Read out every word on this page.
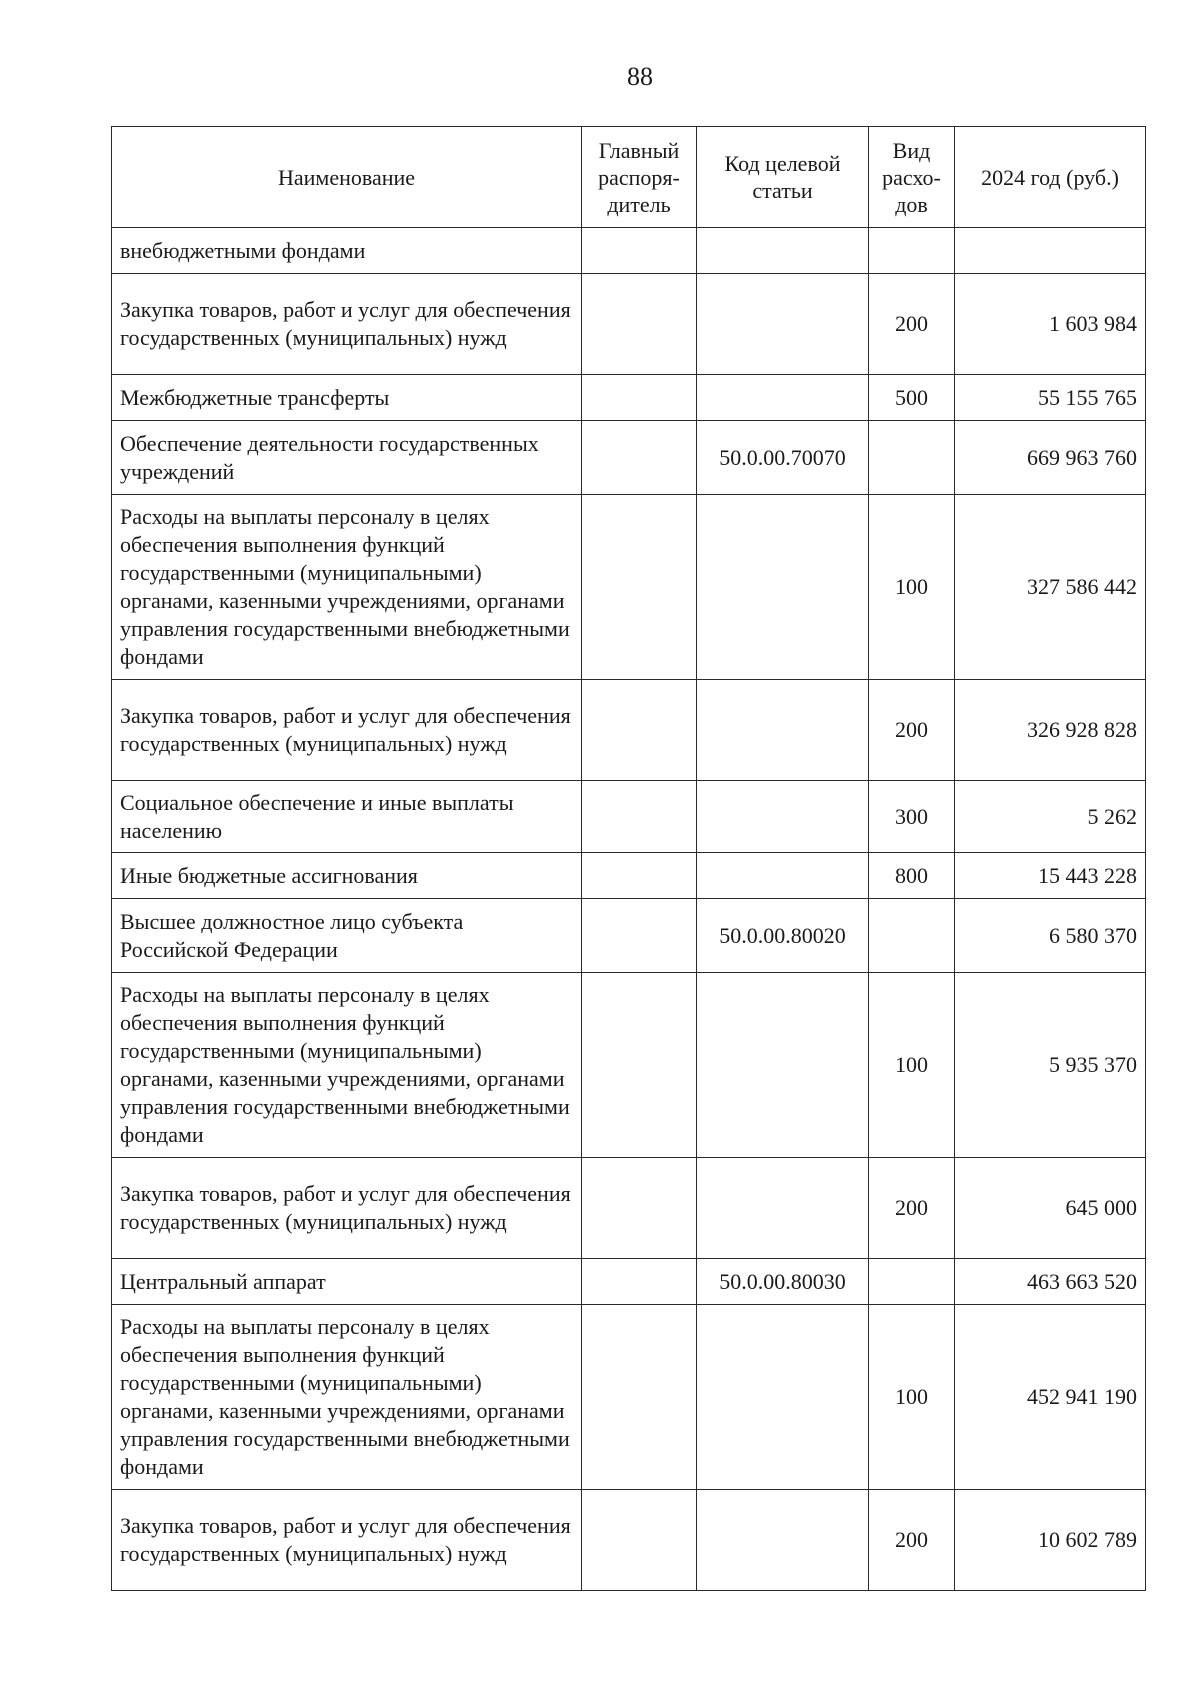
88
Наименование	Главный распоря-дитель	Код целевой статьи	Вид расхо-дов	2024 год (руб.)
внебюджетными фондами				
Закупка товаров, работ и услуг для обеспечения государственных (муниципальных) нужд			200	1 603 984
Межбюджетные трансферты			500	55 155 765
Обеспечение деятельности государственных учреждений		50.0.00.70070		669 963 760
Расходы на выплаты персоналу в целях обеспечения выполнения функций государственными (муниципальными) органами, казенными учреждениями, органами управления государственными внебюджетными фондами			100	327 586 442
Закупка товаров, работ и услуг для обеспечения государственных (муниципальных) нужд			200	326 928 828
Социальное обеспечение и иные выплаты населению			300	5 262
Иные бюджетные ассигнования			800	15 443 228
Высшее должностное лицо субъекта Российской Федерации		50.0.00.80020		6 580 370
Расходы на выплаты персоналу в целях обеспечения выполнения функций государственными (муниципальными) органами, казенными учреждениями, органами управления государственными внебюджетными фондами			100	5 935 370
Закупка товаров, работ и услуг для обеспечения государственных (муниципальных) нужд			200	645 000
Центральный аппарат		50.0.00.80030		463 663 520
Расходы на выплаты персоналу в целях обеспечения выполнения функций государственными (муниципальными) органами, казенными учреждениями, органами управления государственными внебюджетными фондами			100	452 941 190
Закупка товаров, работ и услуг для обеспечения государственных (муниципальных) нужд			200	10 602 789
